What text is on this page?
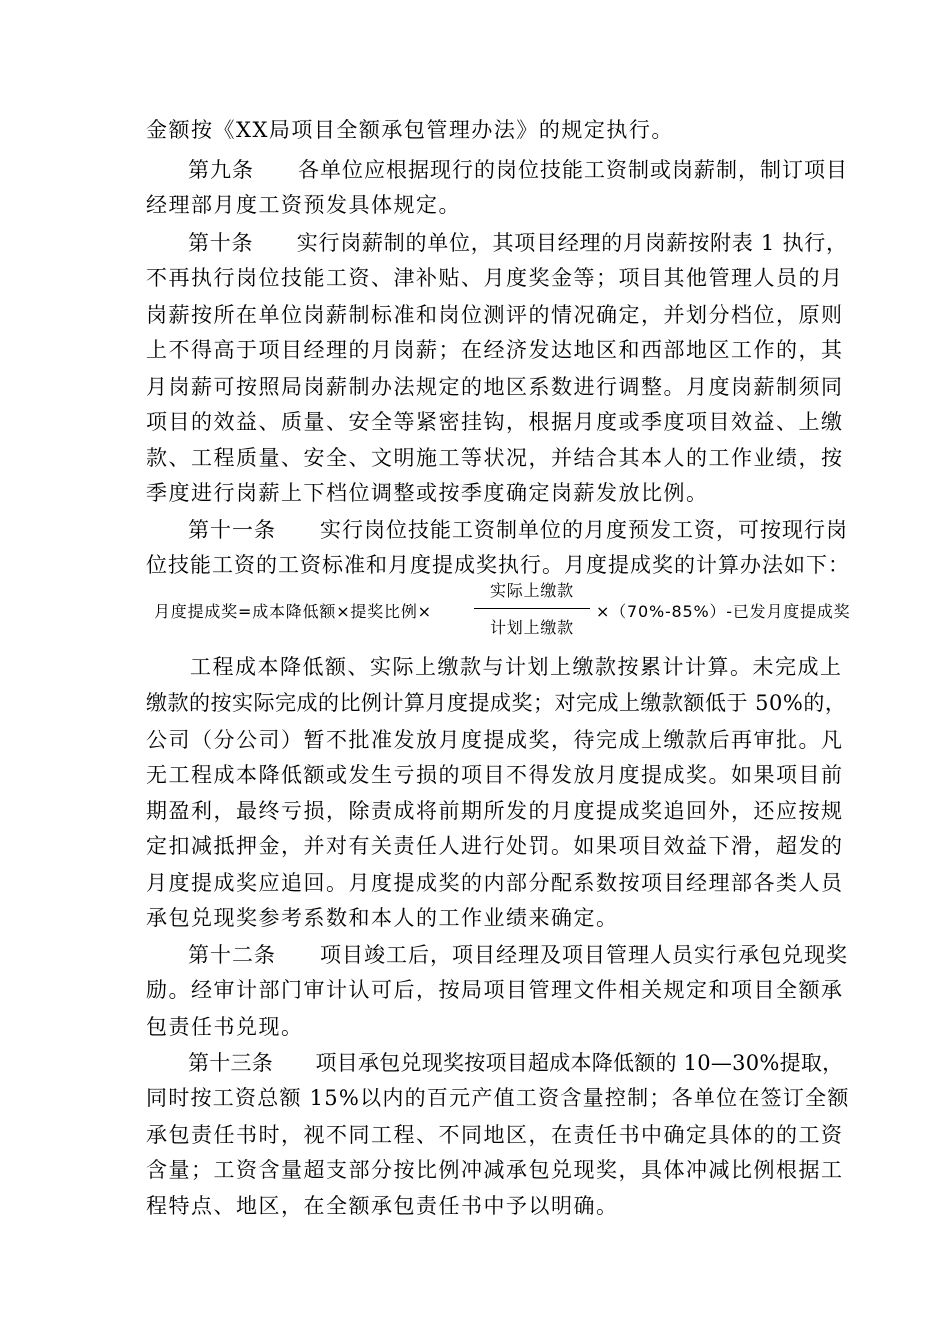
金额按《XX局项目全额承包管理办法》的规定执行。
第九条　　各单位应根据现行的岗位技能工资制或岗薪制，制订项目
经理部月度工资预发具体规定。
第十条　　实行岗薪制的单位，其项目经理的月岗薪按附表 1 执行，
不再执行岗位技能工资、津补贴、月度奖金等；项目其他管理人员的月
岗薪按所在单位岗薪制标准和岗位测评的情况确定，并划分档位，原则
上不得高于项目经理的月岗薪；在经济发达地区和西部地区工作的，其
月岗薪可按照局岗薪制办法规定的地区系数进行调整。月度岗薪制须同
项目的效益、质量、安全等紧密挂钩，根据月度或季度项目效益、上缴
款、工程质量、安全、文明施工等状况，并结合其本人的工作业绩，按
季度进行岗薪上下档位调整或按季度确定岗薪发放比例。
第十一条　　实行岗位技能工资制单位的月度预发工资，可按现行岗
位技能工资的工资标准和月度提成奖执行。月度提成奖的计算办法如下：
月度提成奖=成本降低额×提奖比例×
实际上缴款
计划上缴款
×（70%-85%）-已发月度提成奖
工程成本降低额、实际上缴款与计划上缴款按累计计算。未完成上
缴款的按实际完成的比例计算月度提成奖；对完成上缴款额低于 50%的，
公司（分公司）暂不批准发放月度提成奖，待完成上缴款后再审批。凡
无工程成本降低额或发生亏损的项目不得发放月度提成奖。如果项目前
期盈利，最终亏损，除责成将前期所发的月度提成奖追回外，还应按规
定扣减抵押金，并对有关责任人进行处罚。如果项目效益下滑，超发的
月度提成奖应追回。月度提成奖的内部分配系数按项目经理部各类人员
承包兑现奖参考系数和本人的工作业绩来确定。
第十二条　　项目竣工后，项目经理及项目管理人员实行承包兑现奖
励。经审计部门审计认可后，按局项目管理文件相关规定和项目全额承
包责任书兑现。
第十三条　　项目承包兑现奖按项目超成本降低额的 10—30%提取，
同时按工资总额 15%以内的百元产值工资含量控制；各单位在签订全额
承包责任书时，视不同工程、不同地区，在责任书中确定具体的的工资
含量；工资含量超支部分按比例冲减承包兑现奖，具体冲减比例根据工
程特点、地区，在全额承包责任书中予以明确。
